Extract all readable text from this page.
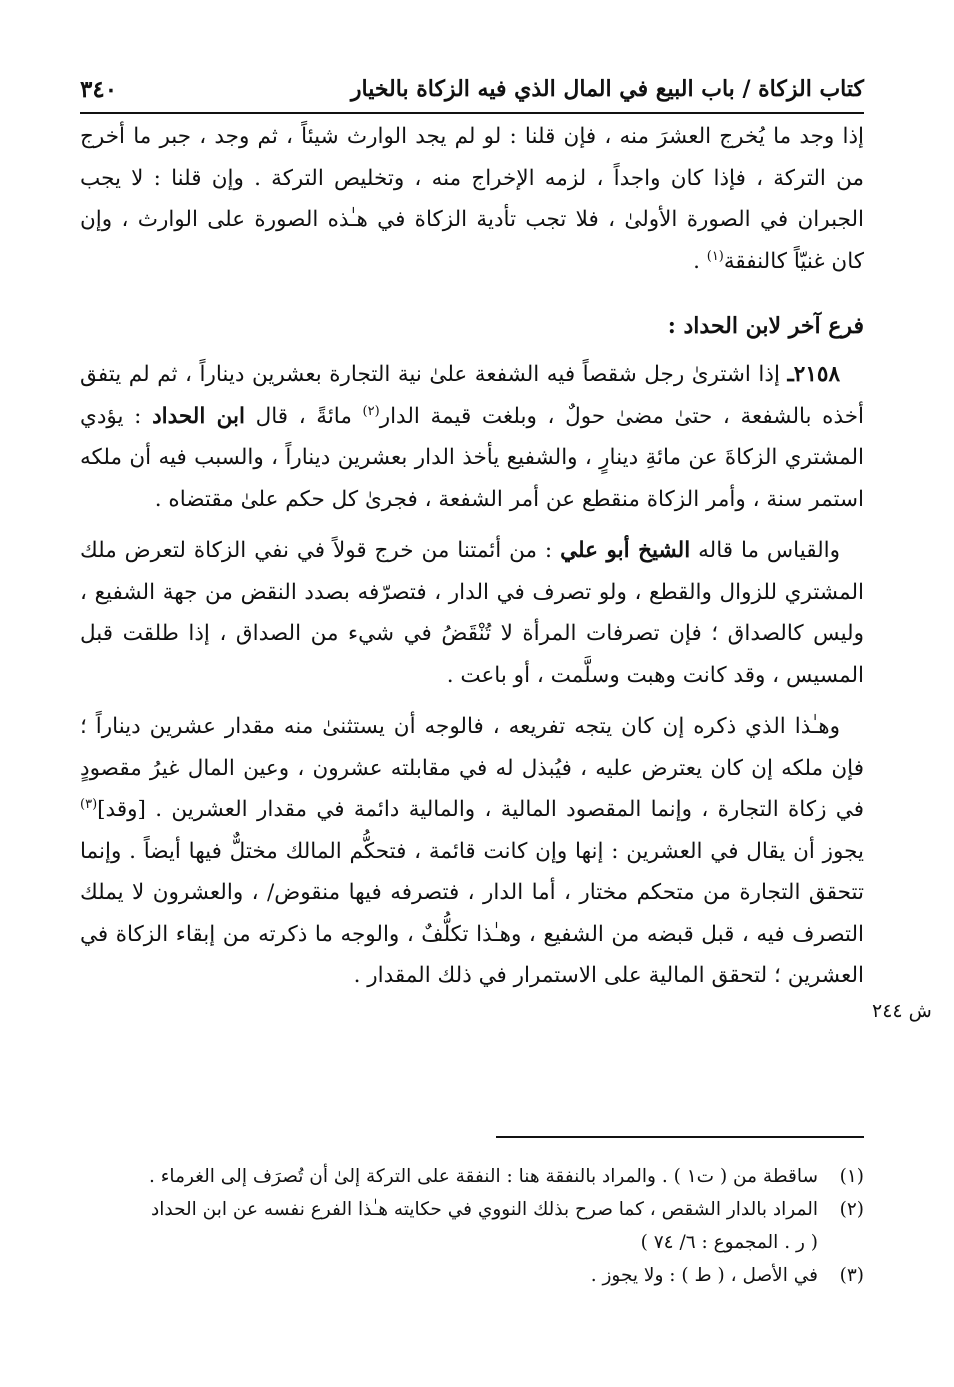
٣٤٠	كتاب الزكاة / باب البيع في المال الذي فيه الزكاة بالخيار

إذا وجد ما يُخرج العشرَ منه ، فإن قلنا : لو لم يجد الوارث شيئاً ، ثم وجد ، جبر ما أخرج من التركة ، فإذا كان واجداً ، لزمه الإخراج منه ، وتخليص التركة . وإن قلنا : لا يجب الجبران في الصورة الأولىٰ ، فلا تجب تأدية الزكاة في هـٰذه الصورة على الوارث ، وإن كان غنيّاً كالنفقة$^{(١)}$ .

فرع آخر لابن الحداد :

٢١٥٨ـ إذا اشترىٰ رجل شقصاً فيه الشفعة علىٰ نية التجارة بعشرين ديناراً ، ثم لم يتفق أخذه بالشفعة ، حتىٰ مضىٰ حولٌ ، وبلغت قيمة الدار$^{(٢)}$ مائةً ، قال ابن الحداد : يؤدي المشتري الزكاةَ عن مائةِ دينارٍ ، والشفيع يأخذ الدار بعشرين ديناراً ، والسبب فيه أن ملكه استمر سنة ، وأمر الزكاة منقطع عن أمر الشفعة ، فجرىٰ كل حكم علىٰ مقتضاه .

والقياس ما قاله الشيخ أبو علي : من أئمتنا من خرج قولاً في نفي الزكاة لتعرض ملك المشتري للزوال والقطع ، ولو تصرف في الدار ، فتصرّفه بصدد النقض من جهة الشفيع ، وليس كالصداق ؛ فإن تصرفات المرأة لا تُنْقَضُ في شيء من الصداق ، إذا طلقت قبل المسيس ، وقد كانت وهبت وسلَّمت ، أو باعت .

وهـٰذا الذي ذكره إن كان يتجه تفريعه ، فالوجه أن يستثنىٰ منه مقدار عشرين ديناراً ؛ فإن ملكه إن كان يعترض عليه ، فيُبذل له في مقابلته عشرون ، وعين المال غيرُ مقصودٍ في زكاة التجارة ، وإنما المقصود المالية ، والمالية دائمة في مقدار العشرين . [وقد]$^{(٣)}$ يجوز أن يقال في العشرين : إنها وإن كانت قائمة ، فتحكُّم المالك مختلٌّ فيها أيضاً . وإنما تتحقق التجارة من متحكم مختار ، أما الدار ، فتصرفه فيها منقوض/ ، والعشرون لا يملك التصرف فيه ، قبل قبضه من الشفيع ، وهـٰذا تكلُّفٌ ، والوجه ما ذكرته من إبقاء الزكاة في العشرين ؛ لتحقق المالية على الاستمرار في ذلك المقدار .

ش ٢٤٤

(١)
ساقطة من ( ت١ ) . والمراد بالنفقة هنا : النفقة على التركة إلىٰ أن تُصرَف إلى الغرماء .

(٢)
المراد بالدار الشقص ، كما صرح بذلك النووي في حكايته هـٰذا الفرع نفسه عن ابن الحداد

( ر . المجموع : ٦/ ٧٤ )

(٣)
في الأصل ، ( ط ) : ولا يجوز .
